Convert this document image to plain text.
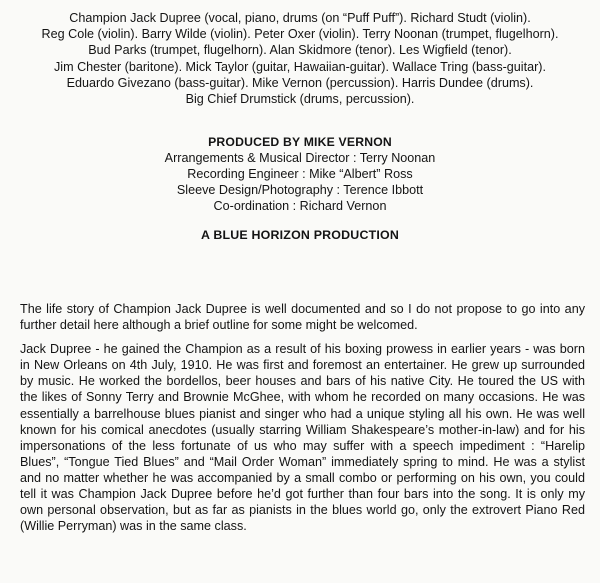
Champion Jack Dupree (vocal, piano, drums (on “Puff Puff”). Richard Studt (violin).
Reg Cole (violin). Barry Wilde (violin). Peter Oxer (violin). Terry Noonan (trumpet, flugelhorn).
Bud Parks (trumpet, flugelhorn). Alan Skidmore (tenor). Les Wigfield (tenor).
Jim Chester (baritone). Mick Taylor (guitar, Hawaiian-guitar). Wallace Tring (bass-guitar).
Eduardo Givezano (bass-guitar). Mike Vernon (percussion). Harris Dundee (drums).
Big Chief Drumstick (drums, percussion).
PRODUCED BY MIKE VERNON
Arrangements & Musical Director : Terry Noonan
Recording Engineer : Mike “Albert” Ross
Sleeve Design/Photography : Terence Ibbott
Co-ordination : Richard Vernon
A BLUE HORIZON PRODUCTION

The life story of Champion Jack Dupree is well documented and so I do not propose to go into any further detail here although a brief outline for some might be welcomed.

Jack Dupree - he gained the Champion as a result of his boxing prowess in earlier years - was born in New Orleans on 4th July, 1910. He was first and foremost an entertainer. He grew up surrounded by music. He worked the bordellos, beer houses and bars of his native City. He toured the US with the likes of Sonny Terry and Brownie McGhee, with whom he recorded on many occasions. He was essentially a barrelhouse blues pianist and singer who had a unique styling all his own. He was well known for his comical anecdotes (usually starring William Shakespeare’s mother-in-law) and for his impersonations of the less fortunate of us who may suffer with a speech impediment : “Harelip Blues”, “Tongue Tied Blues” and “Mail Order Woman” immediately spring to mind. He was a stylist and no matter whether he was accompanied by a small combo or performing on his own, you could tell it was Champion Jack Dupree before he’d got further than four bars into the song. It is only my own personal observation, but as far as pianists in the blues world go, only the extrovert Piano Red (Willie Perryman) was in the same class.
